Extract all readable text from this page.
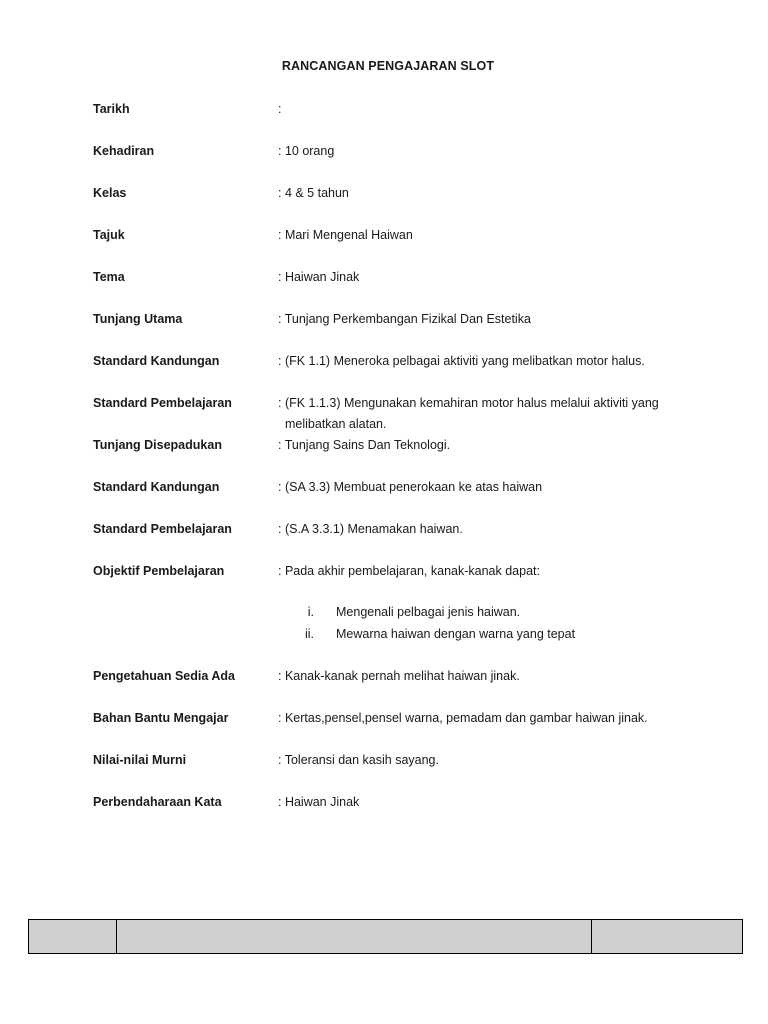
RANCANGAN PENGAJARAN SLOT
Tarikh	:
Kehadiran	: 10 orang
Kelas	: 4 & 5 tahun
Tajuk	: Mari Mengenal Haiwan
Tema	: Haiwan Jinak
Tunjang Utama	: Tunjang Perkembangan Fizikal Dan Estetika
Standard Kandungan	: (FK 1.1) Meneroka pelbagai aktiviti yang melibatkan motor halus.
Standard Pembelajaran	: (FK 1.1.3) Mengunakan kemahiran motor halus melalui aktiviti yang
melibatkan alatan.
Tunjang Disepadukan	: Tunjang Sains Dan Teknologi.
Standard Kandungan	: (SA 3.3) Membuat penerokaan ke atas haiwan
Standard Pembelajaran	: (S.A 3.3.1) Menamakan haiwan.
Objektif Pembelajaran	: Pada akhir pembelajaran, kanak-kanak dapat:
i. Mengenali pelbagai jenis haiwan.
ii. Mewarna haiwan dengan warna yang tepat
Pengetahuan Sedia Ada	: Kanak-kanak pernah melihat haiwan jinak.
Bahan Bantu Mengajar	: Kertas,pensel,pensel warna, pemadam dan gambar haiwan jinak.
Nilai-nilai Murni	: Toleransi dan kasih sayang.
Perbendaharaan Kata	: Haiwan Jinak
